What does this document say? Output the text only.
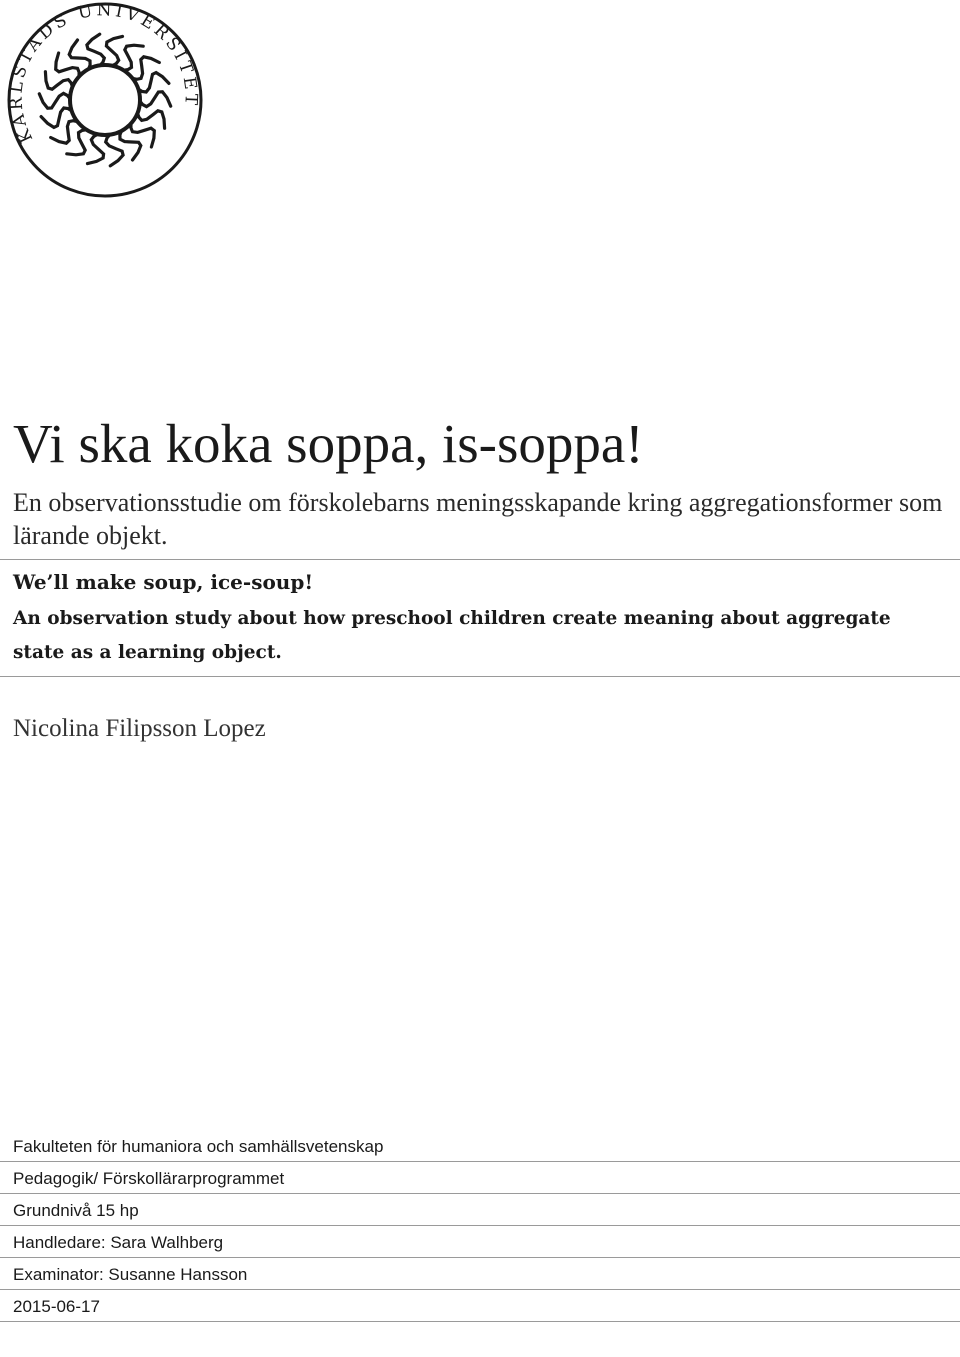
KARLSTADS UNIVERSITET
Vi ska koka soppa, is-soppa!

En observationsstudie om förskolebarns meningsskapande kring aggregationsformer som lärande objekt.

We’ll make soup, ice-soup!

An observation study about how preschool children create meaning about aggregate state as a learning object.

Nicolina Filipsson Lopez

Fakulteten för humaniora och samhällsvetenskap
Pedagogik/ Förskollärarprogrammet
Grundnivå 15 hp
Handledare: Sara Walhberg
Examinator: Susanne Hansson
2015-06-17
